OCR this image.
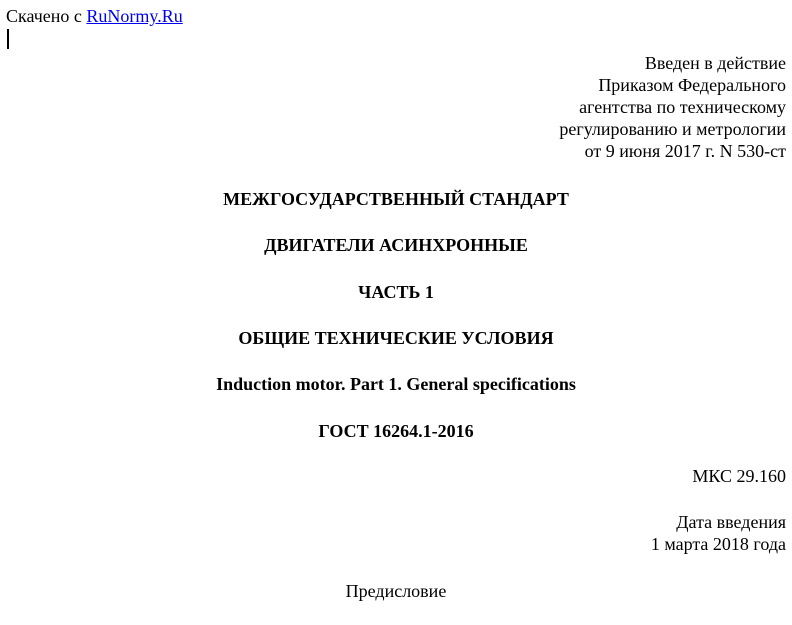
Скачено с RuNormy.Ru
Введен в действие
Приказом Федерального
агентства по техническому
регулированию и метрологии
от 9 июня 2017 г. N 530-ст
МЕЖГОСУДАРСТВЕННЫЙ СТАНДАРТ
ДВИГАТЕЛИ АСИНХРОННЫЕ
ЧАСТЬ 1
ОБЩИЕ ТЕХНИЧЕСКИЕ УСЛОВИЯ
Induction motor. Part 1. General specifications
ГОСТ 16264.1-2016
МКС 29.160
Дата введения
1 марта 2018 года
Предисловие
